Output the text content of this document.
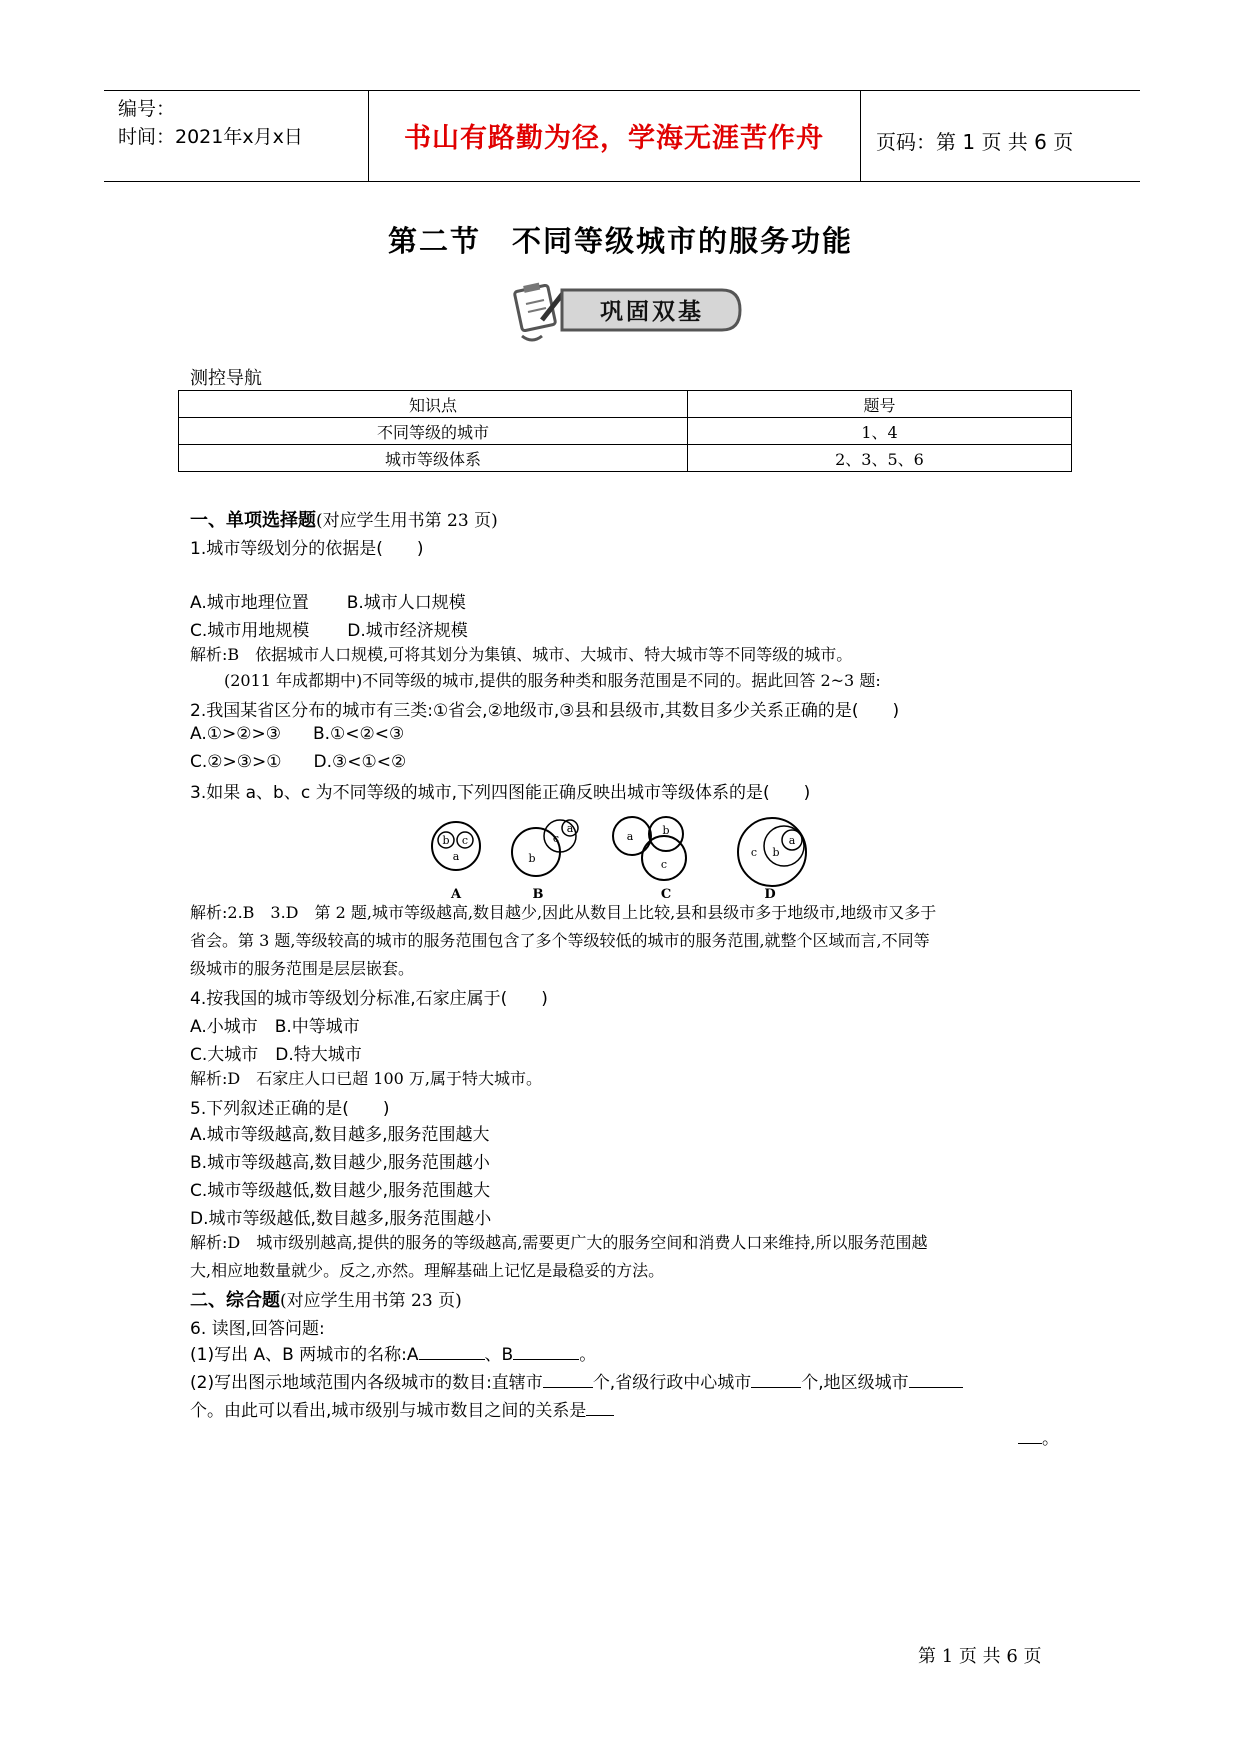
编号：
时间：2021年x月x日	书山有路勤为径，学海无涯苦作舟	页码：第 1 页 共 6 页
第二节　不同等级城市的服务功能
巩固双基
测控导航
知识点	题号
不同等级的城市	1、4
城市等级体系	2、3、5、6
一、单项选择题(对应学生用书第 23 页)
1.城市等级划分的依据是(　　)
A.城市地理位置 B.城市人口规模
C.城市用地规模 D.城市经济规模
解析:B　依据城市人口规模,可将其划分为集镇、城市、大城市、特大城市等不同等级的城市。
(2011 年成都期中)不同等级的城市,提供的服务种类和服务范围是不同的。据此回答 2~3 题:
2.我国某省区分布的城市有三类:①省会,②地级市,③县和县级市,其数目多少关系正确的是(　　)
A.①>②>③ B.①<②<③
C.②>③>① D.③<①<②
3.如果 a、b、c 为不同等级的城市,下列四图能正确反映出城市等级体系的是(　　)
b c
a
A
b
c
a
B
a	b
c
C
c b
a
D
解析:2.B　3.D　第 2 题,城市等级越高,数目越少,因此从数目上比较,县和县级市多于地级市,地级市又多于
省会。第 3 题,等级较高的城市的服务范围包含了多个等级较低的城市的服务范围,就整个区域而言,不同等
级城市的服务范围是层层嵌套。
4.按我国的城市等级划分标准,石家庄属于(　　)
A.小城市　B.中等城市
C.大城市　D.特大城市
解析:D　石家庄人口已超 100 万,属于特大城市。
5.下列叙述正确的是(　　)
A.城市等级越高,数目越多,服务范围越大
B.城市等级越高,数目越少,服务范围越小
C.城市等级越低,数目越少,服务范围越大
D.城市等级越低,数目越多,服务范围越小
解析:D　城市级别越高,提供的服务的等级越高,需要更广大的服务空间和消费人口来维持,所以服务范围越
大,相应地数量就少。反之,亦然。理解基础上记忆是最稳妥的方法。
二、综合题(对应学生用书第 23 页)
6. 读图,回答问题:
(1)写出 A、B 两城市的名称:A	、B	。
(2)写出图示地域范围内各级城市的数目:直辖市	个,省级行政中心城市	个,地区级城市
个。由此可以看出,城市级别与城市数目之间的关系是
。
第 1 页 共 6 页
